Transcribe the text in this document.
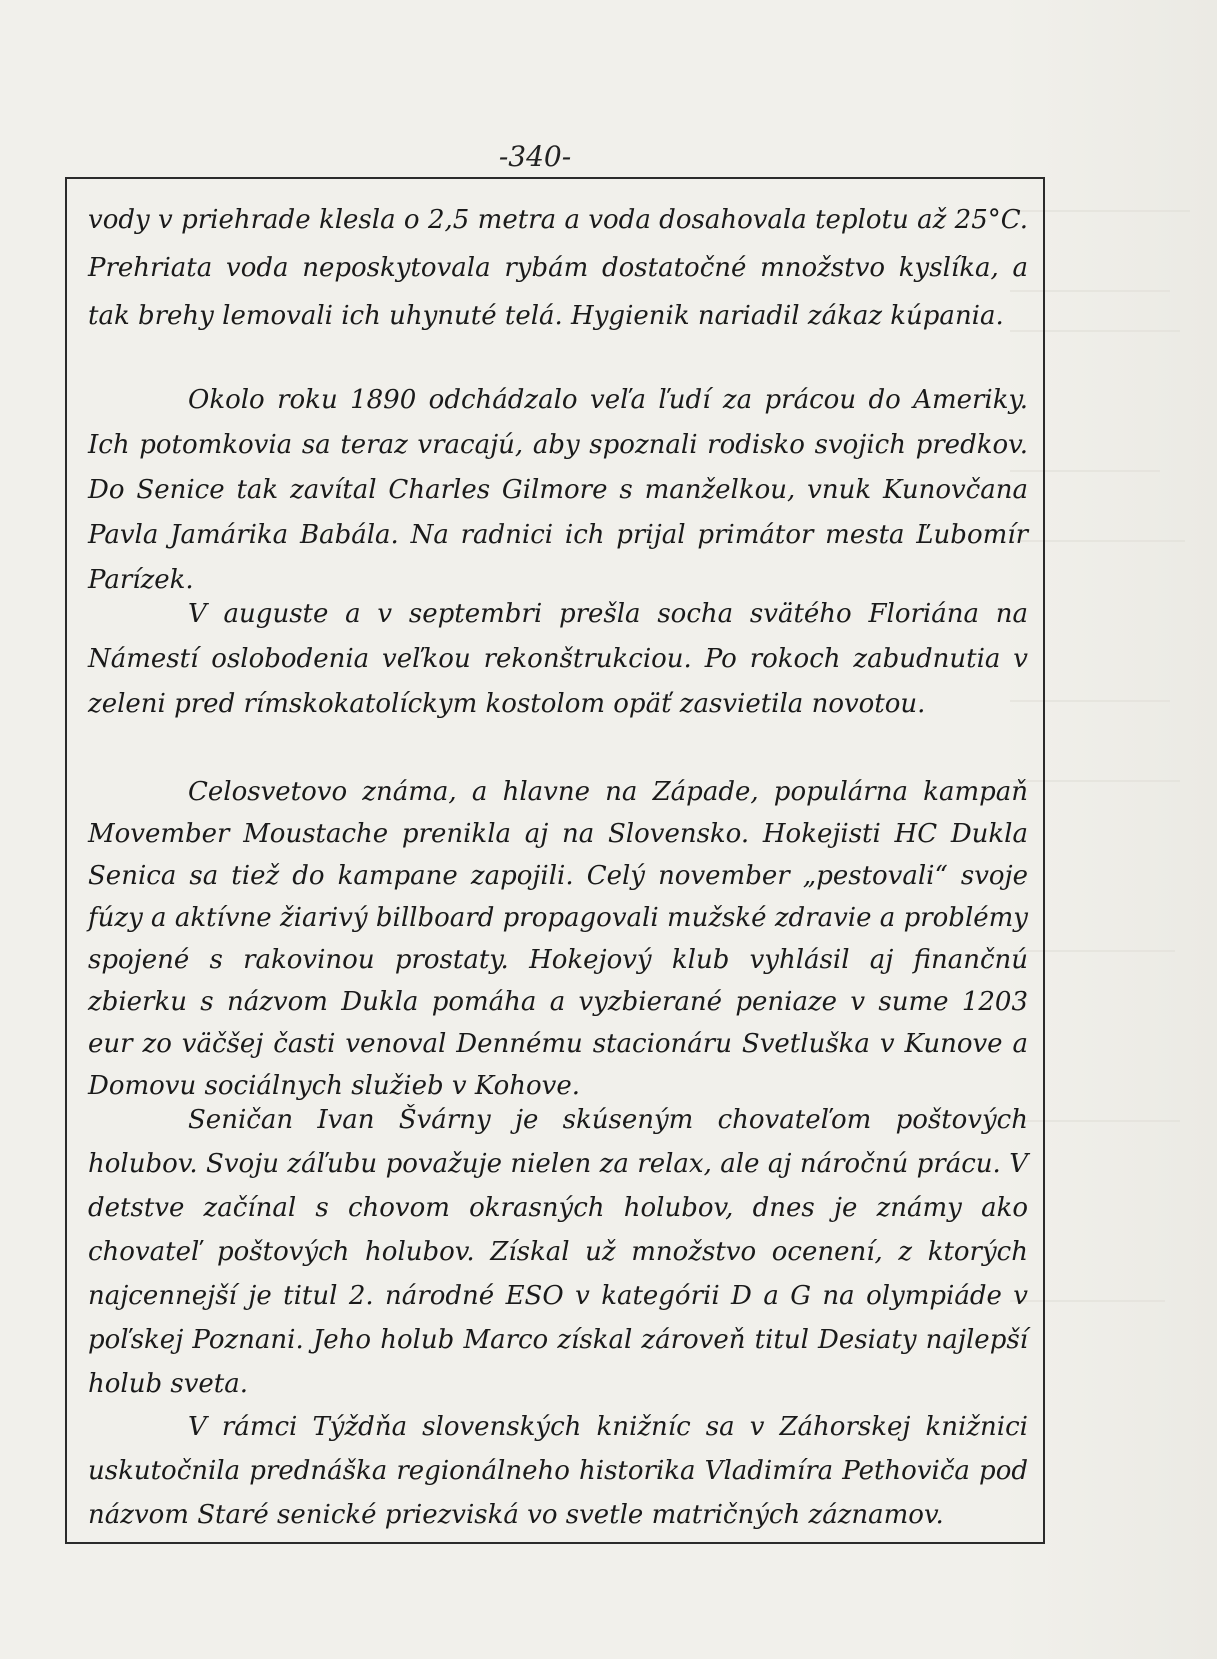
-340-

vody v priehrade klesla o 2,5 metra a voda dosahovala teplotu až 25°C. Prehriata voda neposkytovala rybám dostatočné množstvo kyslíka, a tak brehy lemovali ich uhynuté telá. Hygienik nariadil zákaz kúpania.

Okolo roku 1890 odchádzalo veľa ľudí za prácou do Ameriky. Ich potomkovia sa teraz vracajú, aby spoznali rodisko svojich predkov. Do Senice tak zavítal Charles Gilmore s manželkou, vnuk Kunovčana Pavla Jamárika Babála. Na radnici ich prijal primátor mesta Ľubomír Parízek.

V auguste a v septembri prešla socha svätého Floriána na Námestí oslobodenia veľkou rekonštrukciou. Po rokoch zabudnutia v zeleni pred rímskokatolíckym kostolom opäť zasvietila novotou.

Celosvetovo známa, a hlavne na Západe, populárna kampaň Movember Moustache prenikla aj na Slovensko. Hokejisti HC Dukla Senica sa tiež do kampane zapojili. Celý november „pestovali“ svoje fúzy a aktívne žiarivý billboard propagovali mužské zdravie a problémy spojené s rakovinou prostaty. Hokejový klub vyhlásil aj finančnú zbierku s názvom Dukla pomáha a vyzbierané peniaze v sume 1203 eur zo väčšej časti venoval Dennému stacionáru Svetluška v Kunove a Domovu sociálnych služieb v Kohove.

Seničan Ivan Švárny je skúseným chovateľom poštových holubov. Svoju záľubu považuje nielen za relax, ale aj náročnú prácu. V detstve začínal s chovom okrasných holubov, dnes je známy ako chovateľ poštových holubov. Získal už množstvo ocenení, z ktorých najcennejší je titul 2. národné ESO v kategórii D a G na olympiáde v poľskej Poznani. Jeho holub Marco získal zároveň titul Desiaty najlepší holub sveta.

V rámci Týždňa slovenských knižníc sa v Záhorskej knižnici uskutočnila prednáška regionálneho historika Vladimíra Pethoviča pod názvom Staré senické priezviská vo svetle matričných záznamov.
